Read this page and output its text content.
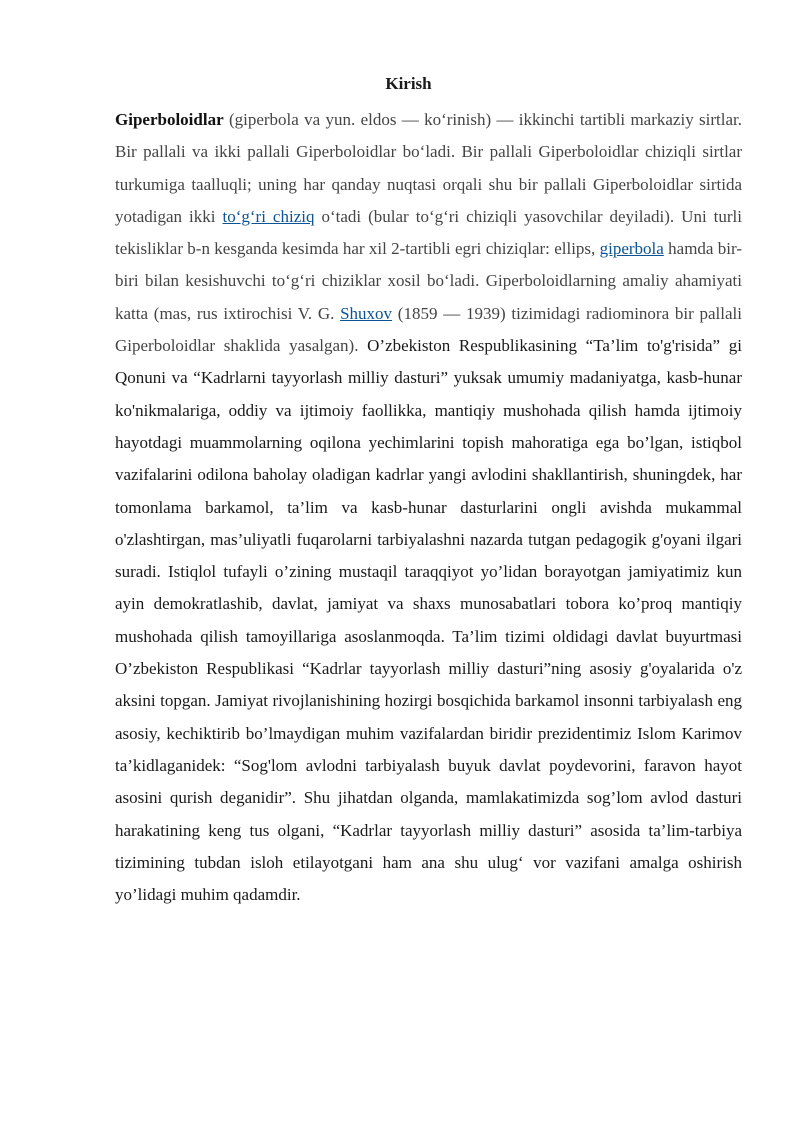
Kirish

Giperboloidlar (giperbola va yun. eldos — ko‘rinish) — ikkinchi tartibli markaziy sirtlar. Bir pallali va ikki pallali Giperboloidlar bo‘ladi. Bir pallali Giperboloidlar chiziqli sirtlar turkumiga taalluqli; uning har qanday nuqtasi orqali shu bir pallali Giperboloidlar sirtida yotadigan ikki to‘g‘ri chiziq o‘tadi (bular to‘g‘ri chiziqli yasovchilar deyiladi). Uni turli tekisliklar b-n kesganda kesimda har xil 2-tartibli egri chiziqlar: ellips, giperbola hamda bir-biri bilan kesishuvchi to‘g‘ri chiziklar xosil bo‘ladi. Giperboloidlarning amaliy ahamiyati katta (mas, rus ixtirochisi V. G. Shuxov (1859 — 1939) tizimidagi radiominora bir pallali Giperboloidlar shaklida yasalgan). O’zbekiston Respublikasining “Ta’lim to'g'risida” gi Qonuni va “Kadrlarni tayyorlash milliy dasturi” yuksak umumiy madaniyatga, kasb-hunar ko'nikmalariga, oddiy va ijtimoiy faollikka, mantiqiy mushohada qilish hamda ijtimoiy hayotdagi muammolarning oqilona yechimlarini topish mahoratiga ega bo’lgan, istiqbol vazifalarini odilona baholay oladigan kadrlar yangi avlodini shakllantirish, shuningdek, har tomonlama barkamol, ta’lim va kasb-hunar dasturlarini ongli avishda mukammal o'zlashtirgan, mas’uliyatli fuqarolarni tarbiyalashni nazarda tutgan pedagogik g'oyani ilgari suradi. Istiqlol tufayli o’zining mustaqil taraqqiyot yo’lidan borayotgan jamiyatimiz kun ayin demokratlashib, davlat, jamiyat va shaxs munosabatlari tobora ko’proq mantiqiy mushohada qilish tamoyillariga asoslanmoqda. Ta’lim tizimi oldidagi davlat buyurtmasi O’zbekiston Respublikasi “Kadrlar tayyorlash milliy dasturi”ning asosiy g'oyalarida o'z aksini topgan. Jamiyat rivojlanishining hozirgi bosqichida barkamol insonni tarbiyalash eng asosiy, kechiktirib bo’lmaydigan muhim vazifalardan biridir prezidentimiz Islom Karimov ta’kidlaganidek: “Sog'lom avlodni tarbiyalash buyuk davlat poydevorini, faravon hayot asosini qurish deganidir”. Shu jihatdan olganda, mamlakatimizda sog’lom avlod dasturi harakatining keng tus olgani, “Kadrlar tayyorlash milliy dasturi” asosida ta’lim-tarbiya tizimining tubdan isloh etilayotgani ham ana shu ulug‘ vor vazifani amalga oshirish yo’lidagi muhim qadamdir.
